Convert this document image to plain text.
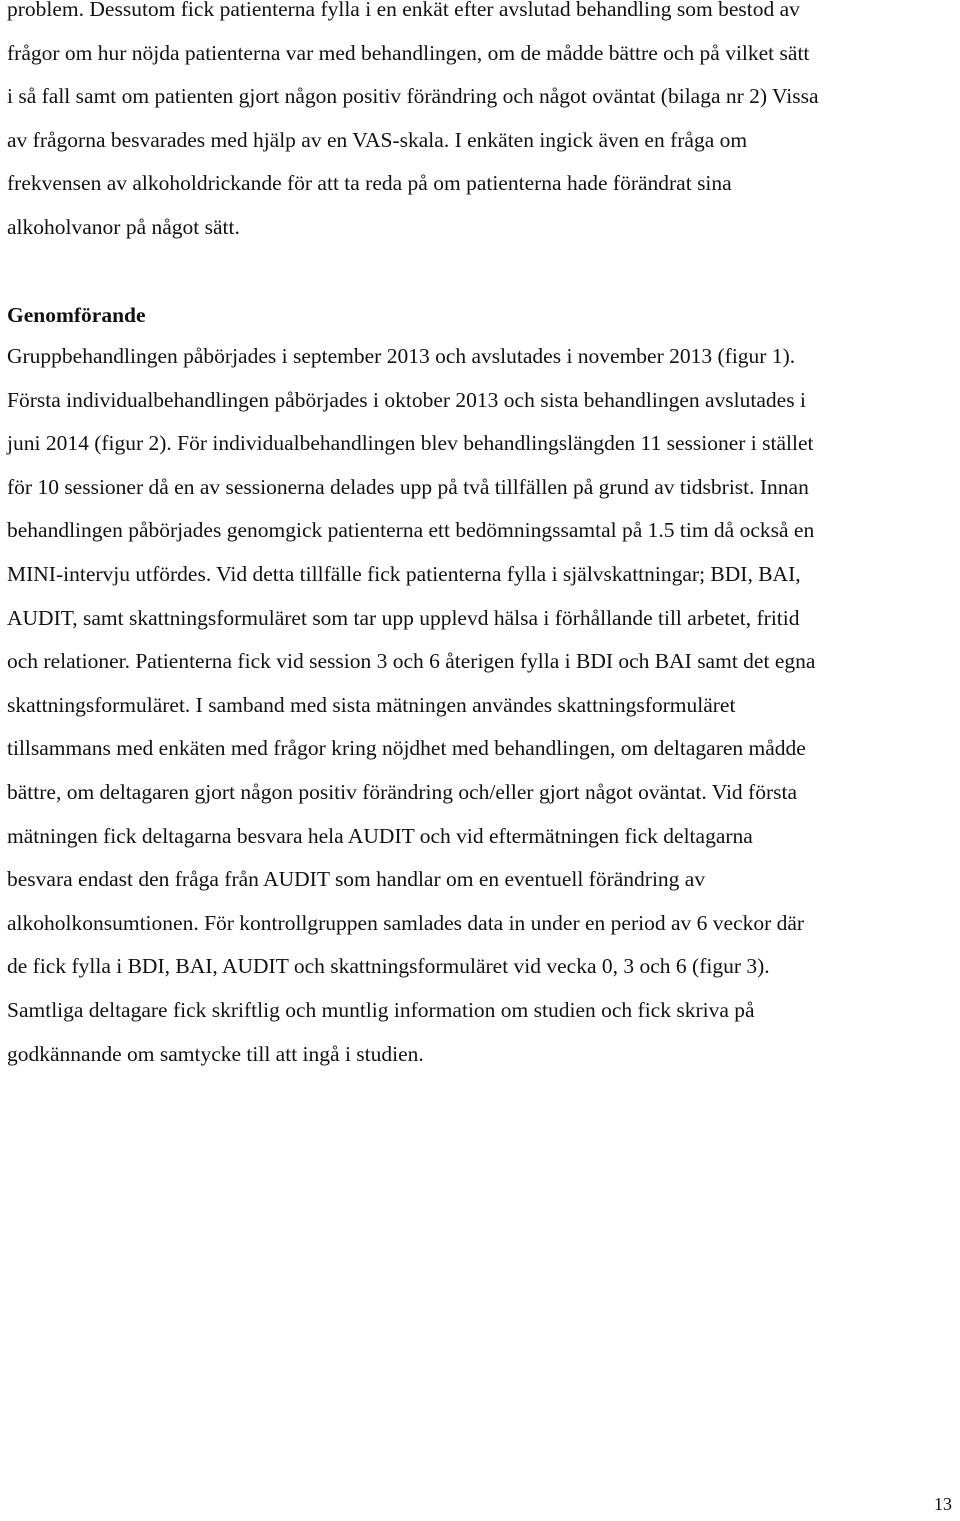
problem. Dessutom fick patienterna fylla i en enkät efter avslutad behandling som bestod av
frågor om hur nöjda patienterna var med behandlingen, om de mådde bättre och på vilket sätt
i så fall samt om patienten gjort någon positiv förändring och något oväntat (bilaga nr 2) Vissa
av frågorna besvarades med hjälp av en VAS-skala. I enkäten ingick även en fråga om
frekvensen av alkoholdrickande för att ta reda på om patienterna hade förändrat sina
alkoholvanor på något sätt.
Genomförande
Gruppbehandlingen påbörjades i september 2013 och avslutades i november 2013 (figur 1).
Första individualbehandlingen påbörjades i oktober 2013 och sista behandlingen avslutades i
juni 2014 (figur 2). För individualbehandlingen blev behandlingslängden 11 sessioner i stället
för 10 sessioner då en av sessionerna delades upp på två tillfällen på grund av tidsbrist. Innan
behandlingen påbörjades genomgick patienterna ett bedömningssamtal på 1.5 tim då också en
MINI-intervju utfördes. Vid detta tillfälle fick patienterna fylla i självskattningar; BDI, BAI,
AUDIT, samt skattningsformuläret som tar upp upplevd hälsa i förhållande till arbetet, fritid
och relationer. Patienterna fick vid session 3 och 6 återigen fylla i BDI och BAI samt det egna
skattningsformuläret. I samband med sista mätningen användes skattningsformuläret
tillsammans med enkäten med frågor kring nöjdhet med behandlingen, om deltagaren mådde
bättre, om deltagaren gjort någon positiv förändring och/eller gjort något oväntat. Vid första
mätningen fick deltagarna besvara hela AUDIT och vid eftermätningen fick deltagarna
besvara endast den fråga från AUDIT som handlar om en eventuell förändring av
alkoholkonsumtionen. För kontrollgruppen samlades data in under en period av 6 veckor där
de fick fylla i BDI, BAI, AUDIT och skattningsformuläret vid vecka 0, 3 och 6 (figur 3).
Samtliga deltagare fick skriftlig och muntlig information om studien och fick skriva på
godkännande om samtycke till att ingå i studien.
13
